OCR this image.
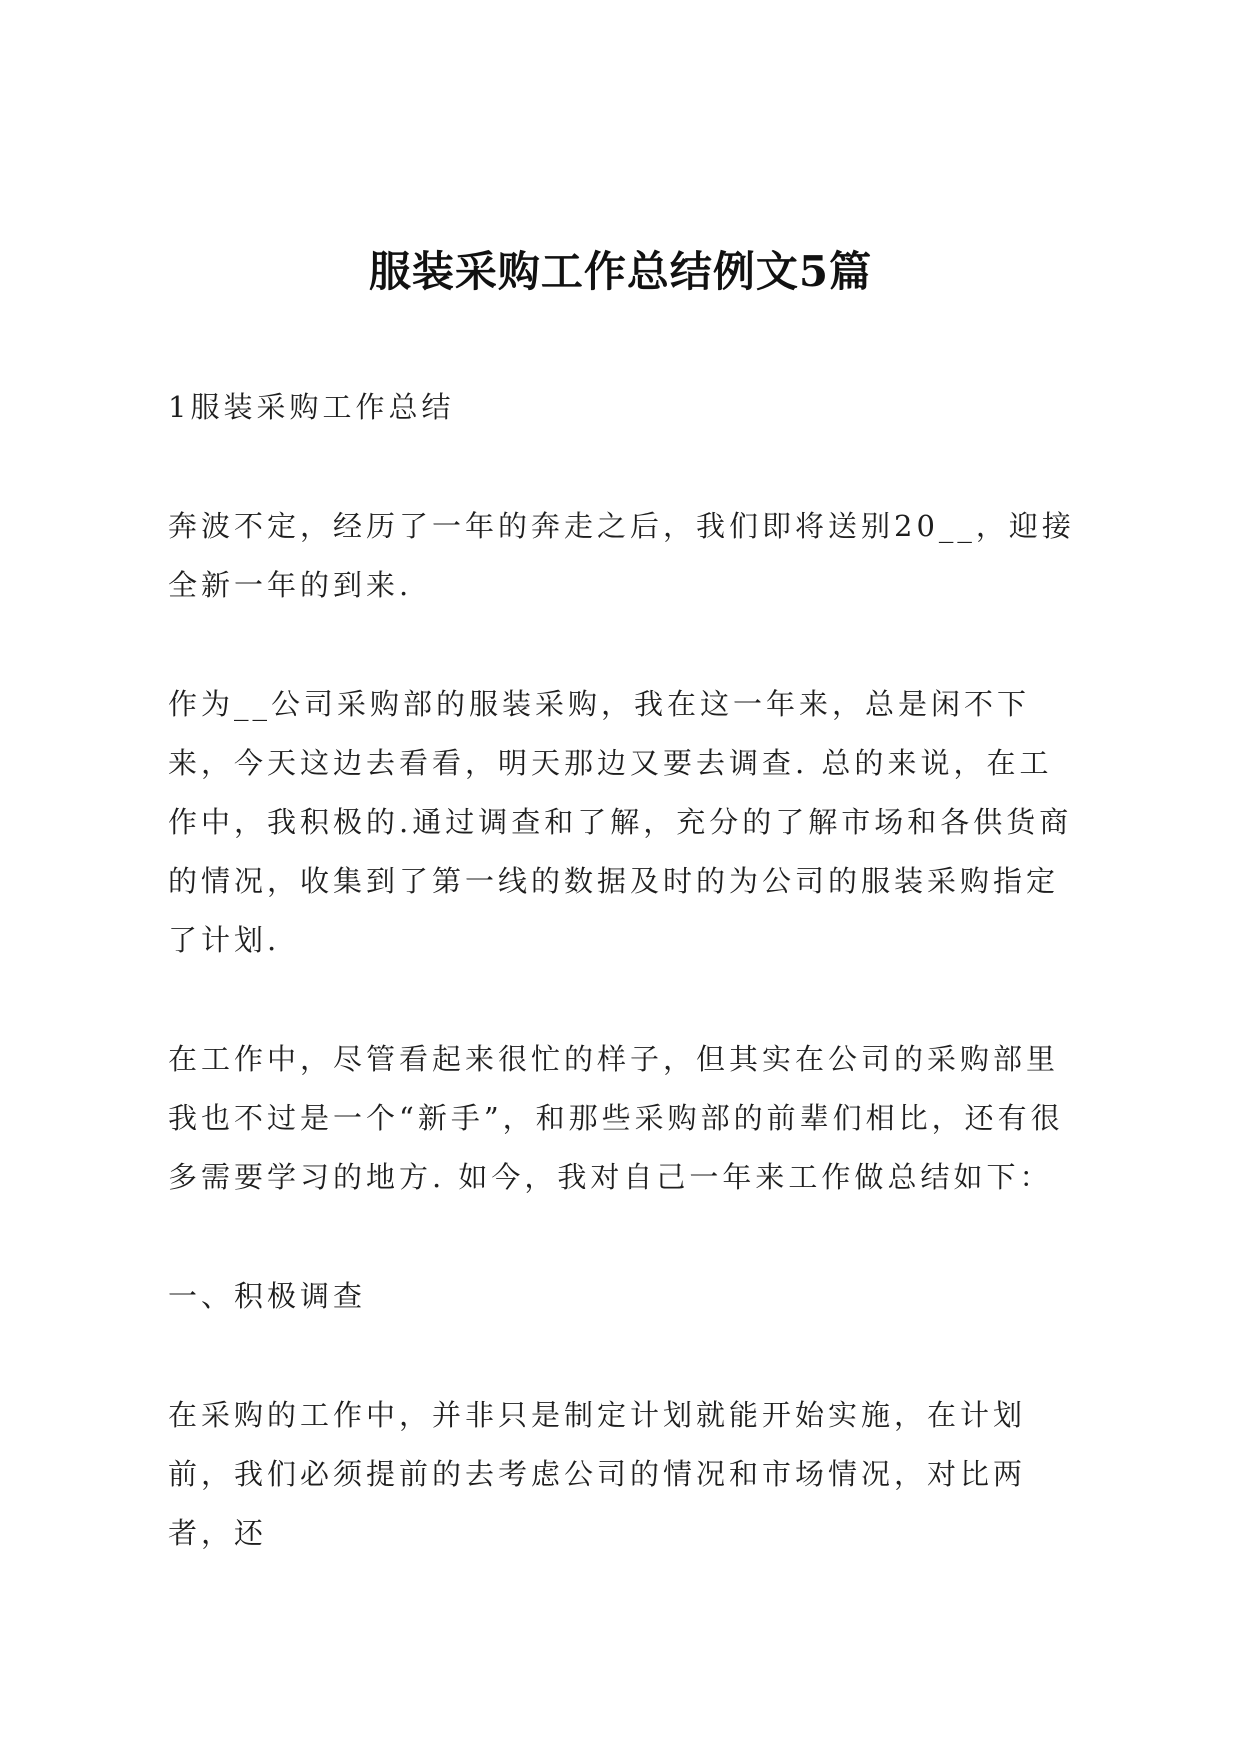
服装采购工作总结例文5篇

1服装采购工作总结

奔波不定，经历了一年的奔走之后，我们即将送别20__，迎接全新一年的到来.

作为__公司采购部的服装采购，我在这一年来，总是闲不下来，今天这边去看看，明天那边又要去调查. 总的来说，在工作中，我积极的.通过调查和了解，充分的了解市场和各供货商的情况，收集到了第一线的数据及时的为公司的服装采购指定了计划.

在工作中，尽管看起来很忙的样子，但其实在公司的采购部里我也不过是一个“新手”，和那些采购部的前辈们相比，还有很多需要学习的地方. 如今，我对自己一年来工作做总结如下：

一、积极调查

在采购的工作中，并非只是制定计划就能开始实施，在计划前，我们必须提前的去考虑公司的情况和市场情况，对比两者，还
